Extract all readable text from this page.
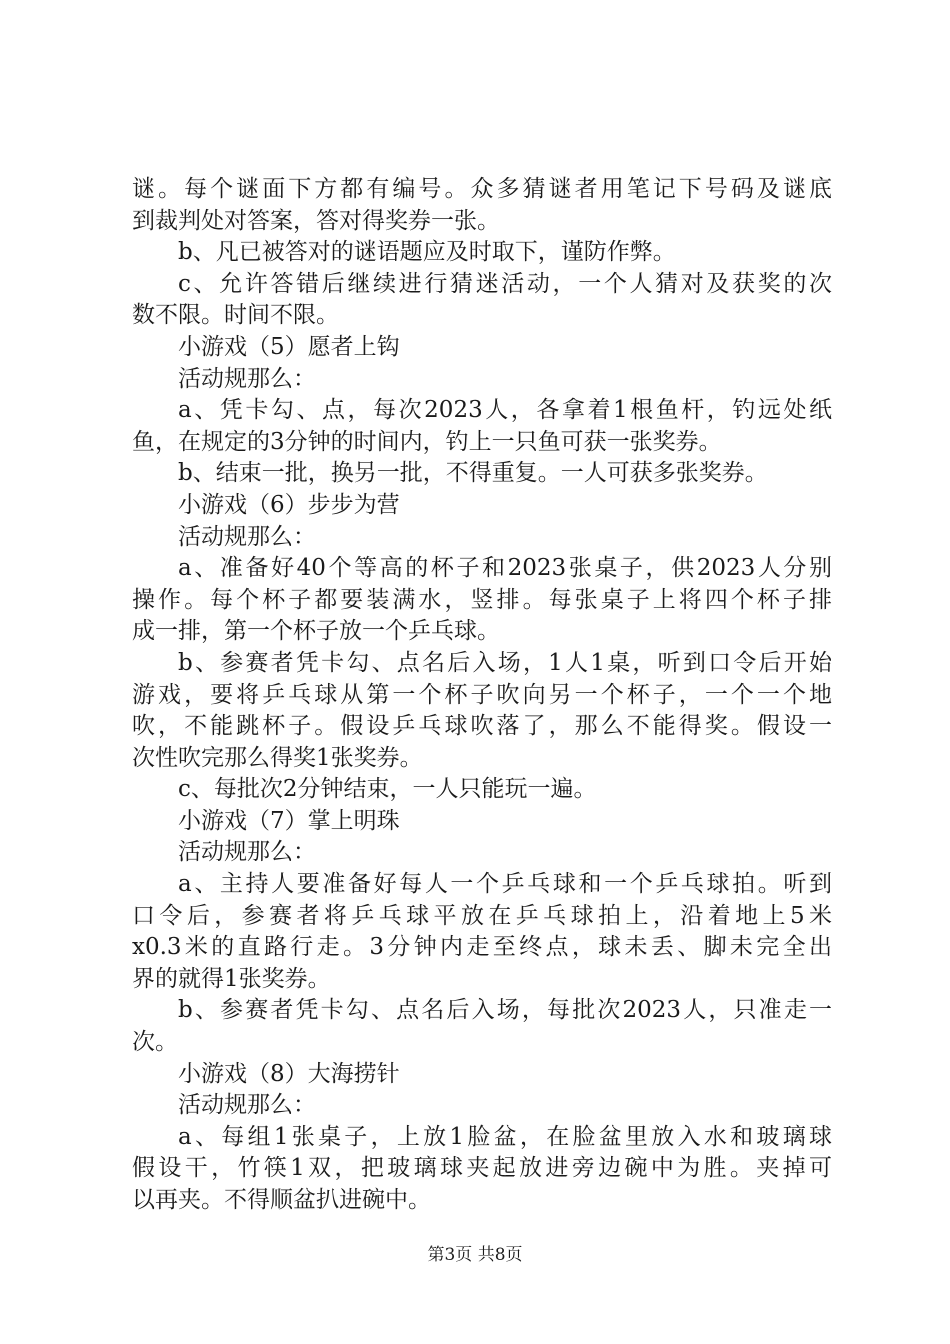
谜。每个谜面下方都有编号。众多猜谜者用笔记下号码及谜底
到裁判处对答案，答对得奖券一张。
b、凡已被答对的谜语题应及时取下，谨防作弊。
c、允许答错后继续进行猜迷活动，一个人猜对及获奖的次
数不限。时间不限。
小游戏（5）愿者上钩
活动规那么：
a、凭卡勾、点，每次2023人，各拿着1根鱼杆，钓远处纸
鱼，在规定的3分钟的时间内，钓上一只鱼可获一张奖券。
b、结束一批，换另一批，不得重复。一人可获多张奖券。
小游戏（6）步步为营
活动规那么：
a、准备好40个等高的杯子和2023张桌子，供2023人分别
操作。每个杯子都要装满水，竖排。每张桌子上将四个杯子排
成一排，第一个杯子放一个乒乓球。
b、参赛者凭卡勾、点名后入场，1人1桌，听到口令后开始
游戏，要将乒乓球从第一个杯子吹向另一个杯子，一个一个地
吹，不能跳杯子。假设乒乓球吹落了，那么不能得奖。假设一
次性吹完那么得奖1张奖券。
c、每批次2分钟结束，一人只能玩一遍。
小游戏（7）掌上明珠
活动规那么：
a、主持人要准备好每人一个乒乓球和一个乒乓球拍。听到
口令后，参赛者将乒乓球平放在乒乓球拍上，沿着地上5米
x0.3米的直路行走。3分钟内走至终点，球未丢、脚未完全出
界的就得1张奖券。
b、参赛者凭卡勾、点名后入场，每批次2023人，只准走一
次。
小游戏（8）大海捞针
活动规那么：
a、每组1张桌子，上放1脸盆，在脸盆里放入水和玻璃球
假设干，竹筷1双，把玻璃球夹起放进旁边碗中为胜。夹掉可
以再夹。不得顺盆扒进碗中。
第3页 共8页
